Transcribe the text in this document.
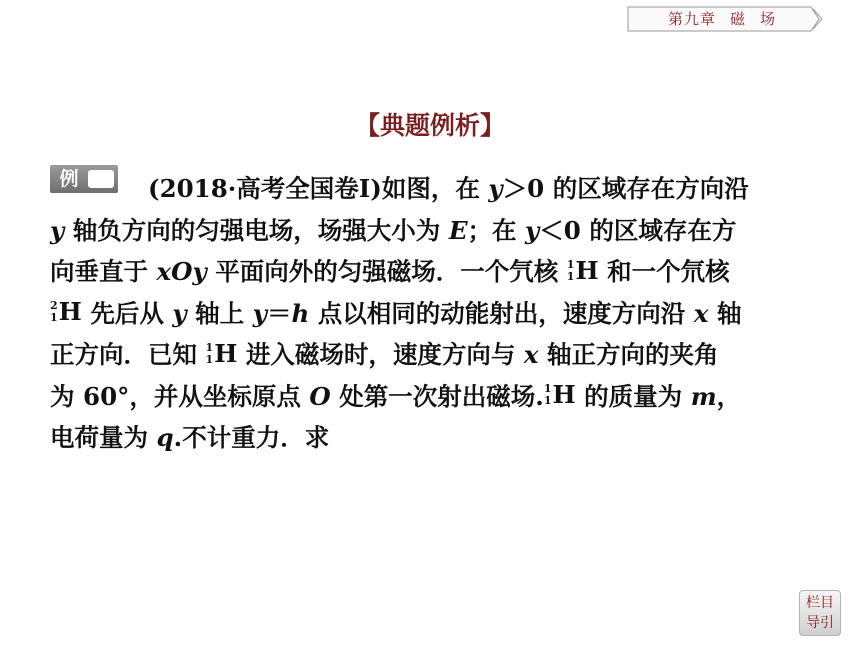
第九章 磁 场
【典题例析】
例	(2018·高考全国卷Ⅰ)如图，在 y＞0 的区域存在方向沿
y 轴负方向的匀强电场，场强大小为 E；在 y＜0 的区域存在方
向垂直于 xOy 平面向外的匀强磁场．一个氕核 1
1 H 和一个氘核
2
1 H 先后从 y 轴上 y＝h 点以相同的动能射出，速度方向沿 x 轴
正方向．已知 1
1 H 进入磁场时，速度方向与 x 轴正方向的夹角
为 60°，并从坐标原点 O 处第一次射出磁场. 1
1 H 的质量为 m，
电荷量为 q.不计重力．求
栏目
导引
